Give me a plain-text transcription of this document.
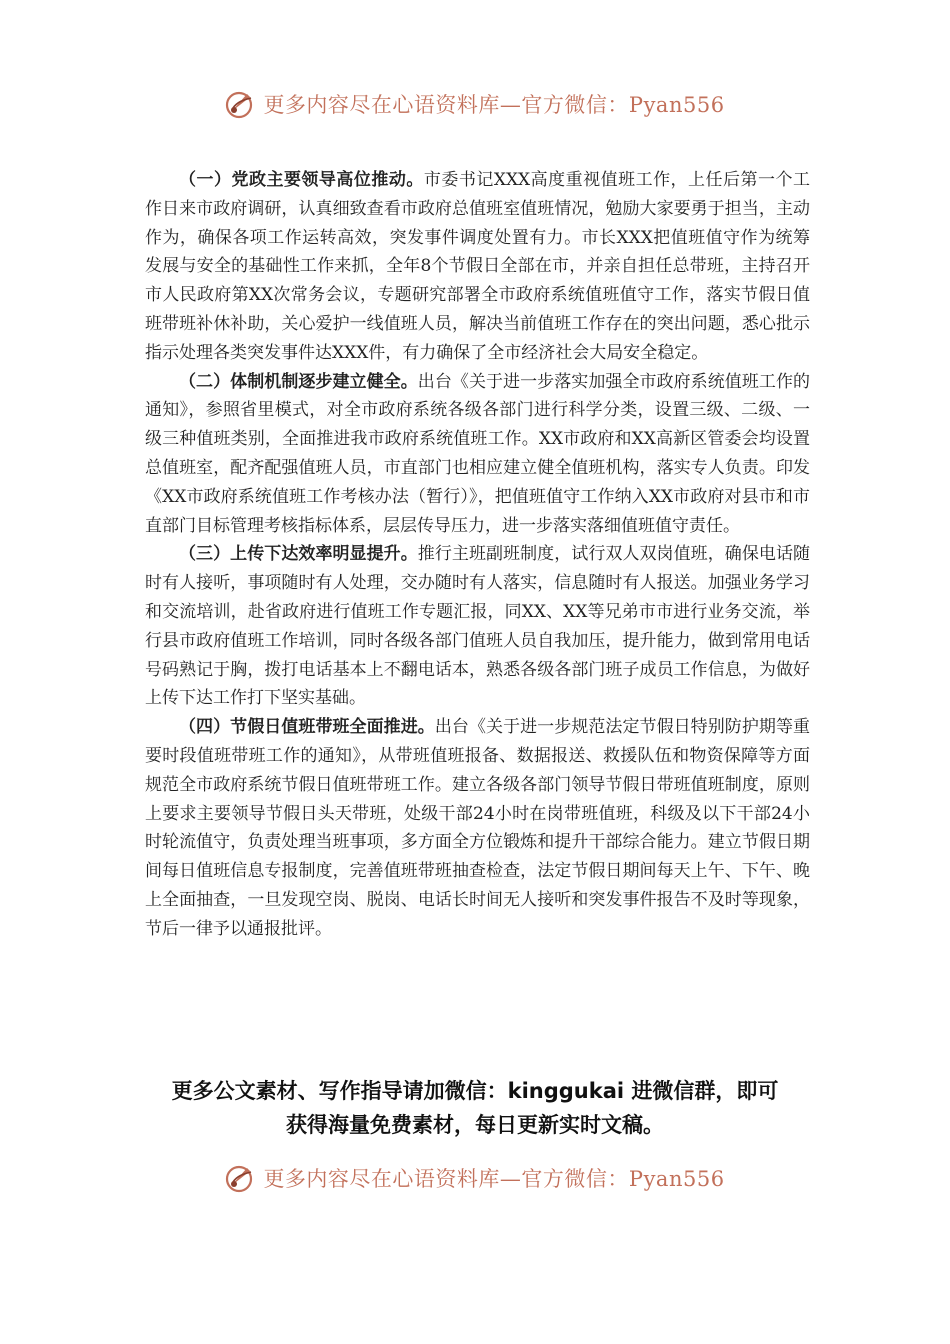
更多内容尽在心语资料库—官方微信：Pyan556

（一）党政主要领导高位推动。市委书记XXX高度重视值班工作，上任后第一个工作日来市政府调研，认真细致查看市政府总值班室值班情况，勉励大家要勇于担当，主动作为，确保各项工作运转高效，突发事件调度处置有力。市长XXX把值班值守作为统筹发展与安全的基础性工作来抓，全年8个节假日全部在市，并亲自担任总带班，主持召开市人民政府第XX次常务会议，专题研究部署全市政府系统值班值守工作，落实节假日值班带班补休补助，关心爱护一线值班人员，解决当前值班工作存在的突出问题，悉心批示指示处理各类突发事件达XXX件，有力确保了全市经济社会大局安全稳定。

（二）体制机制逐步建立健全。出台《关于进一步落实加强全市政府系统值班工作的通知》，参照省里模式，对全市政府系统各级各部门进行科学分类，设置三级、二级、一级三种值班类别，全面推进我市政府系统值班工作。XX市政府和XX高新区管委会均设置总值班室，配齐配强值班人员，市直部门也相应建立健全值班机构，落实专人负责。印发《XX市政府系统值班工作考核办法（暂行）》，把值班值守工作纳入XX市政府对县市和市直部门目标管理考核指标体系，层层传导压力，进一步落实落细值班值守责任。

（三）上传下达效率明显提升。推行主班副班制度，试行双人双岗值班，确保电话随时有人接听，事项随时有人处理，交办随时有人落实，信息随时有人报送。加强业务学习和交流培训，赴省政府进行值班工作专题汇报，同XX、XX等兄弟市市进行业务交流，举行县市政府值班工作培训，同时各级各部门值班人员自我加压，提升能力，做到常用电话号码熟记于胸，拨打电话基本上不翻电话本，熟悉各级各部门班子成员工作信息，为做好上传下达工作打下坚实基础。

（四）节假日值班带班全面推进。出台《关于进一步规范法定节假日特别防护期等重要时段值班带班工作的通知》，从带班值班报备、数据报送、救援队伍和物资保障等方面规范全市政府系统节假日值班带班工作。建立各级各部门领导节假日带班值班制度，原则上要求主要领导节假日头天带班，处级干部24小时在岗带班值班，科级及以下干部24小时轮流值守，负责处理当班事项，多方面全方位锻炼和提升干部综合能力。建立节假日期间每日值班信息专报制度，完善值班带班抽查检查，法定节假日期间每天上午、下午、晚上全面抽查，一旦发现空岗、脱岗、电话长时间无人接听和突发事件报告不及时等现象，节后一律予以通报批评。

更多公文素材、写作指导请加微信：kinggukai 进微信群，即可
获得海量免费素材，每日更新实时文稿。
更多内容尽在心语资料库—官方微信：Pyan556
